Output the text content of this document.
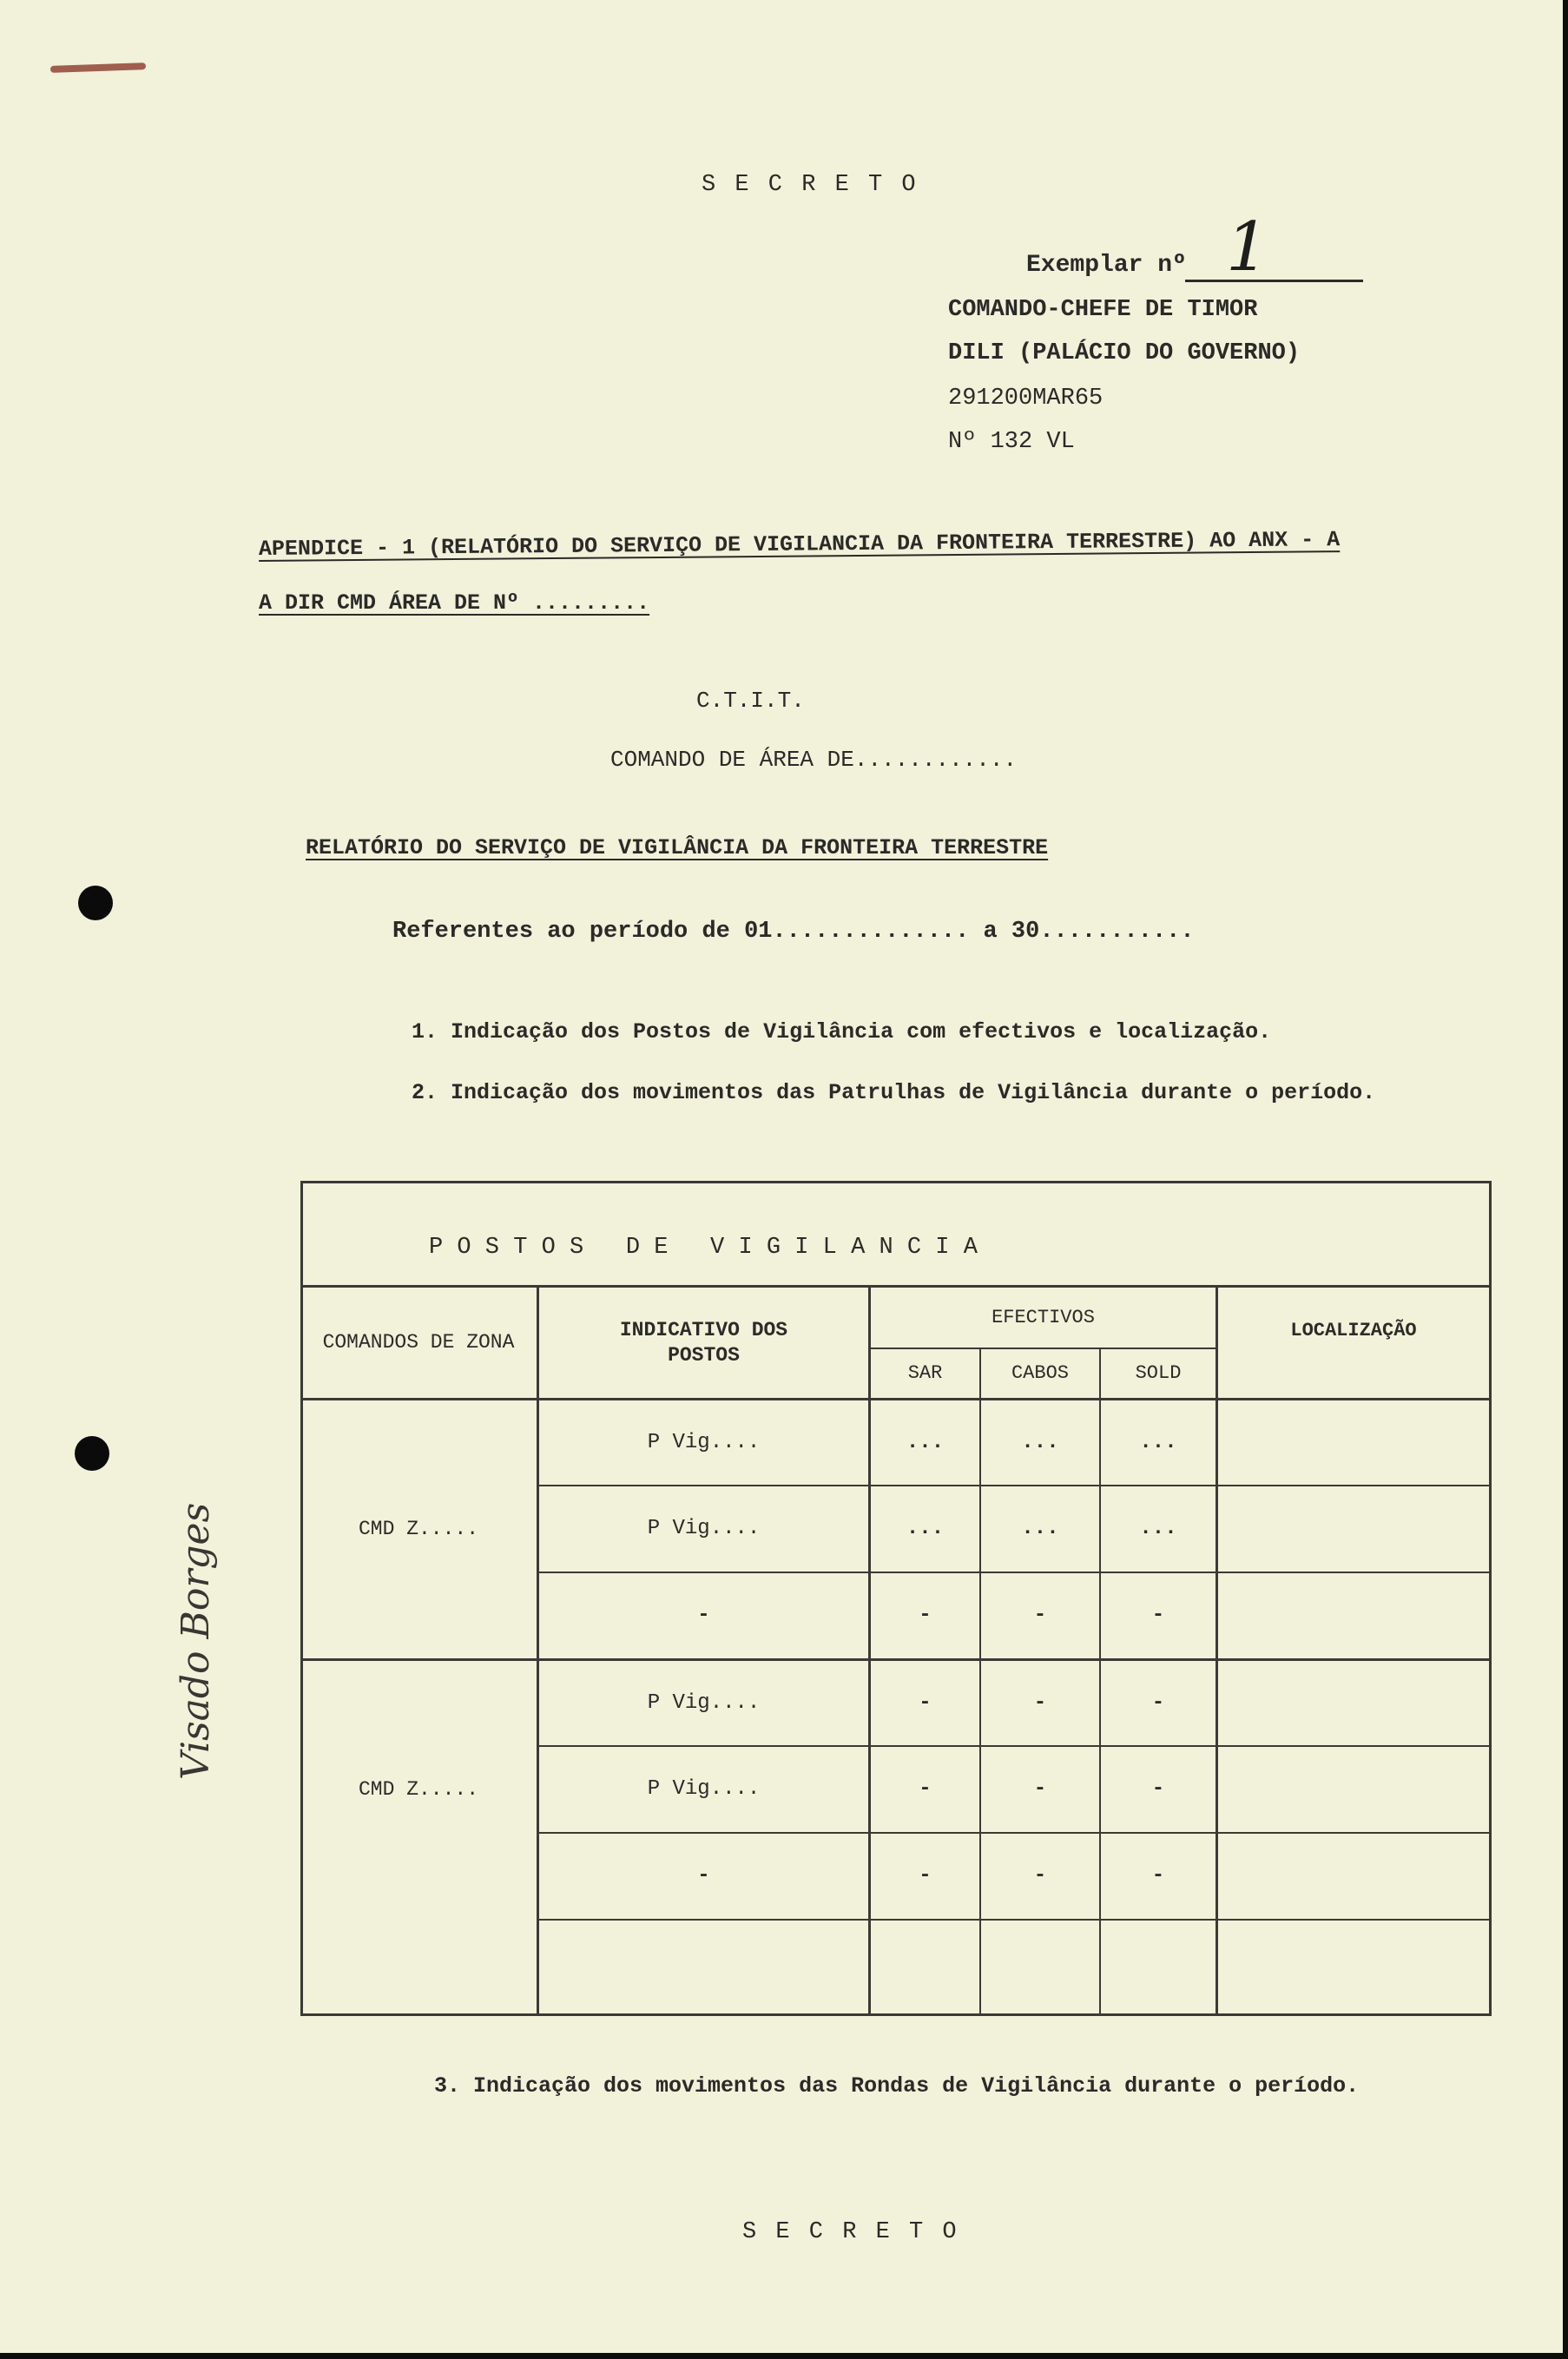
S E C R E T O
Exemplar nº 1
COMANDO-CHEFE DE TIMOR
DILI (PALÁCIO DO GOVERNO)
291200MAR65
Nº 132 VL
APENDICE - 1 (RELATÓRIO DO SERVIÇO DE VIGILANCIA DA FRONTEIRA TERRESTRE) AO ANX - A
A DIR CMD ÁREA DE Nº .........
C.T.I.T.
COMANDO DE ÁREA DE............
RELATÓRIO DO SERVIÇO DE VIGILÂNCIA DA FRONTEIRA TERRESTRE
Referentes ao período de 01.............. a 30...........
1. Indicação dos Postos de Vigilância com efectivos e localização.
2. Indicação dos movimentos das Patrulhas de Vigilância durante o período.
P O S T O S   D E   V I G I L A N C I A
COMANDOS DE ZONA
INDICATIVO DOS POSTOS
EFECTIVOS
SAR	CABOS	SOLD
LOCALIZAÇÃO
CMD Z.....
P Vig....	...	...	...
P Vig....	...	...	...
-	-	-	-
CMD Z.....
P Vig....	-	-	-
P Vig....	-	-	-
-	-	-	-
Visado Borges
3. Indicação dos movimentos das Rondas de Vigilância durante o período.
S E C R E T O
